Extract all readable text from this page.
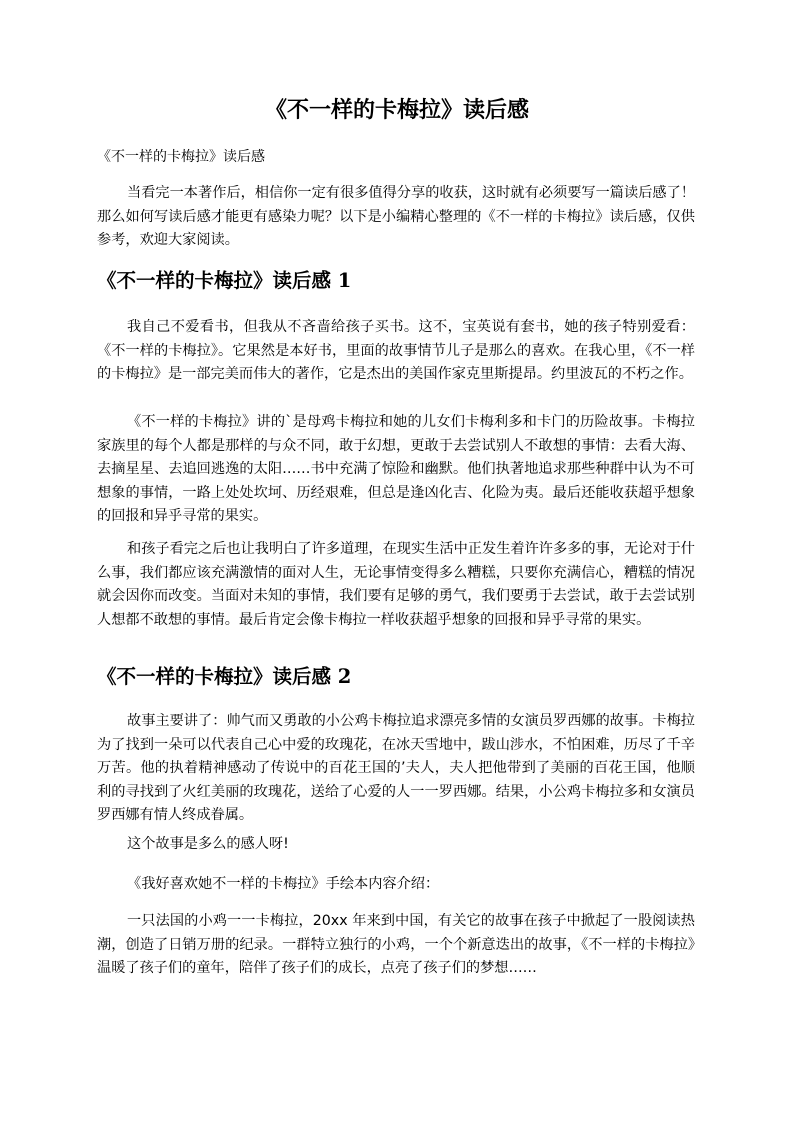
《不一样的卡梅拉》读后感

《不一样的卡梅拉》读后感

当看完一本著作后，相信你一定有很多值得分享的收获，这时就有必须要写一篇读后感了！那么如何写读后感才能更有感染力呢？以下是小编精心整理的《不一样的卡梅拉》读后感，仅供参考，欢迎大家阅读。

《不一样的卡梅拉》读后感 1

我自己不爱看书，但我从不吝啬给孩子买书。这不，宝英说有套书，她的孩子特别爱看：《不一样的卡梅拉》。它果然是本好书，里面的故事情节儿子是那么的喜欢。在我心里，《不一样的卡梅拉》是一部完美而伟大的著作，它是杰出的美国作家克里斯提昂。约里波瓦的不朽之作。

《不一样的卡梅拉》讲的`是母鸡卡梅拉和她的儿女们卡梅利多和卡门的历险故事。卡梅拉家族里的每个人都是那样的与众不同，敢于幻想，更敢于去尝试别人不敢想的事情：去看大海、去摘星星、去追回逃逸的太阳……书中充满了惊险和幽默。他们执著地追求那些种群中认为不可想象的事情，一路上处处坎坷、历经艰难，但总是逢凶化吉、化险为夷。最后还能收获超乎想象的回报和异乎寻常的果实。

和孩子看完之后也让我明白了许多道理，在现实生活中正发生着许许多多的事，无论对于什么事，我们都应该充满激情的面对人生，无论事情变得多么糟糕，只要你充满信心，糟糕的情况就会因你而改变。当面对未知的事情，我们要有足够的勇气，我们要勇于去尝试，敢于去尝试别人想都不敢想的事情。最后肯定会像卡梅拉一样收获超乎想象的回报和异乎寻常的果实。

《不一样的卡梅拉》读后感 2

故事主要讲了：帅气而又勇敢的小公鸡卡梅拉追求漂亮多情的女演员罗西娜的故事。卡梅拉为了找到一朵可以代表自己心中爱的玫瑰花，在冰天雪地中，跋山涉水，不怕困难，历尽了千辛万苦。他的执着精神感动了传说中的百花王国的’夫人，夫人把他带到了美丽的百花王国，他顺利的寻找到了火红美丽的玫瑰花，送给了心爱的人一一罗西娜。结果，小公鸡卡梅拉多和女演员罗西娜有情人终成眷属。

这个故事是多么的感人呀!

《我好喜欢她不一样的卡梅拉》手绘本内容介绍：

一只法国的小鸡一一卡梅拉，20xx 年来到中国，有关它的故事在孩子中掀起了一股阅读热潮，创造了日销万册的纪录。一群特立独行的小鸡，一个个新意迭出的故事，《不一样的卡梅拉》温暖了孩子们的童年，陪伴了孩子们的成长，点亮了孩子们的梦想……
